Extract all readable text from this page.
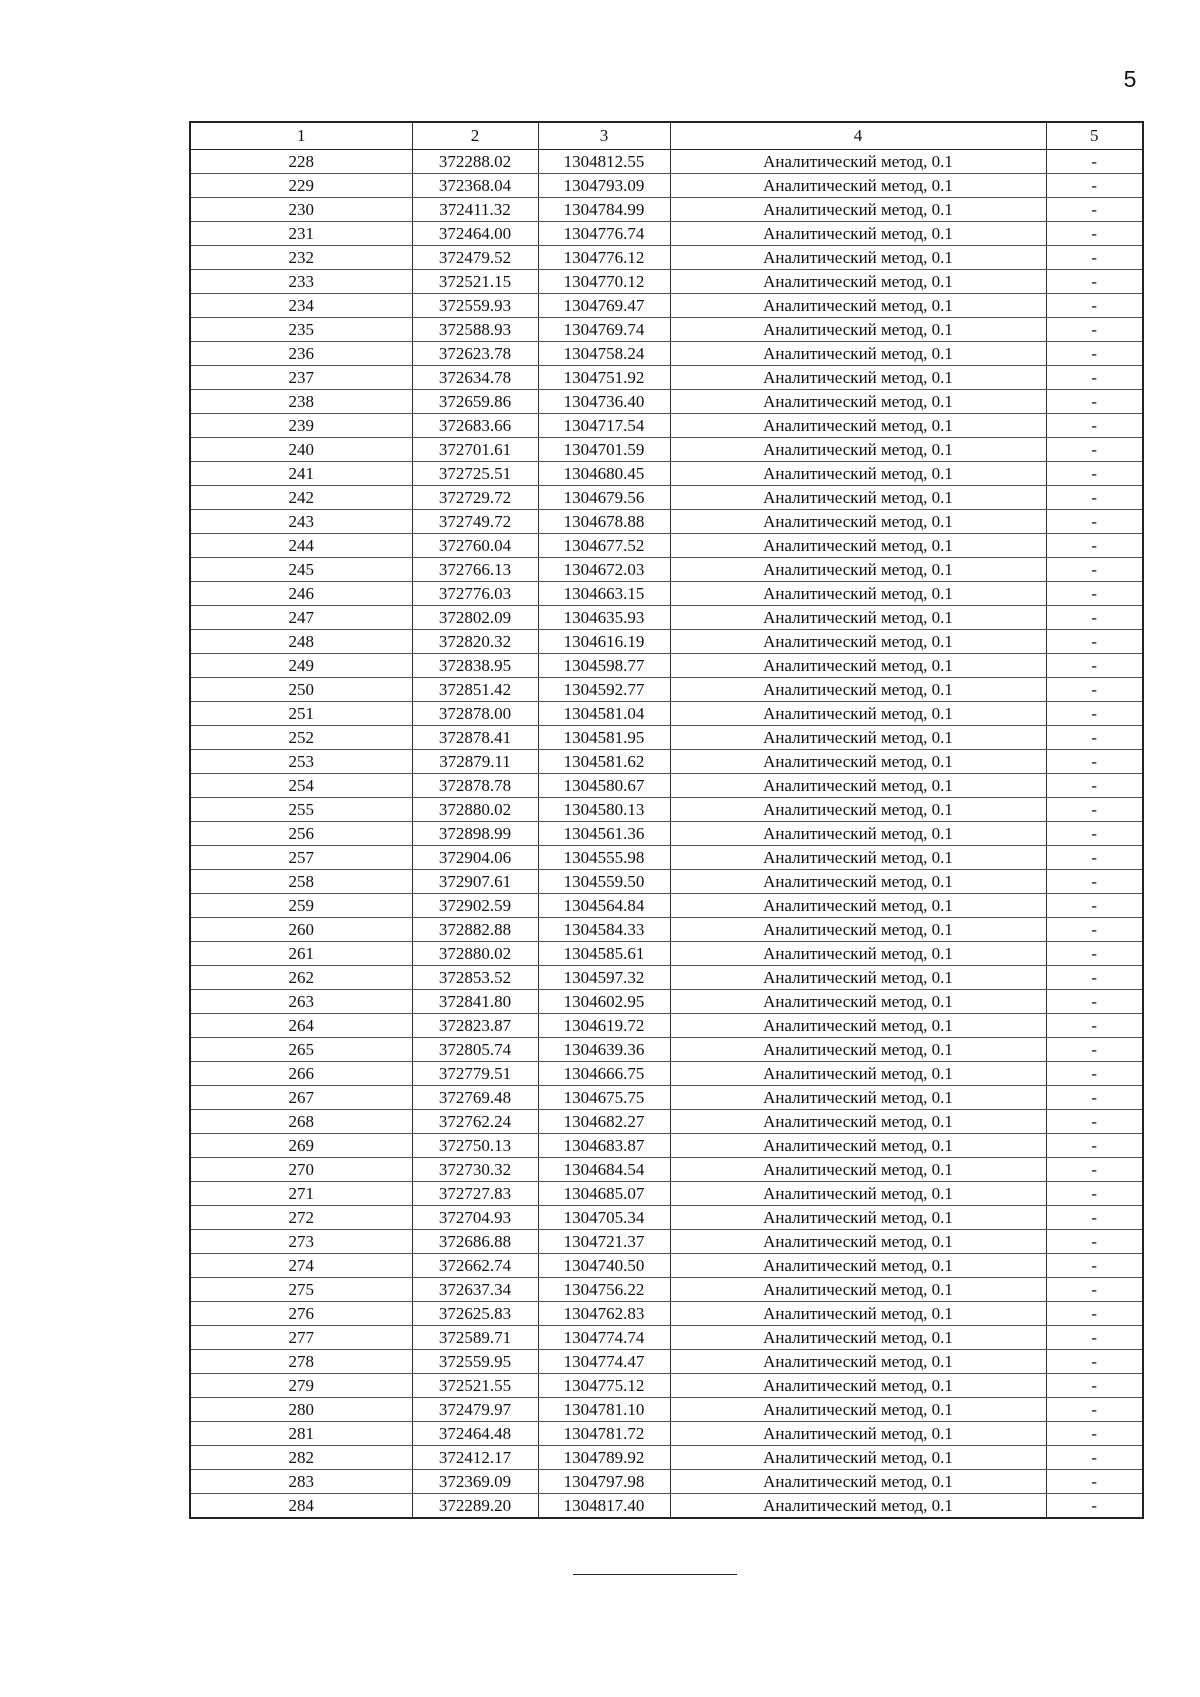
5
1	2	3	4	5
228	372288.02	1304812.55	Аналитический метод, 0.1	-
229	372368.04	1304793.09	Аналитический метод, 0.1	-
230	372411.32	1304784.99	Аналитический метод, 0.1	-
231	372464.00	1304776.74	Аналитический метод, 0.1	-
232	372479.52	1304776.12	Аналитический метод, 0.1	-
233	372521.15	1304770.12	Аналитический метод, 0.1	-
234	372559.93	1304769.47	Аналитический метод, 0.1	-
235	372588.93	1304769.74	Аналитический метод, 0.1	-
236	372623.78	1304758.24	Аналитический метод, 0.1	-
237	372634.78	1304751.92	Аналитический метод, 0.1	-
238	372659.86	1304736.40	Аналитический метод, 0.1	-
239	372683.66	1304717.54	Аналитический метод, 0.1	-
240	372701.61	1304701.59	Аналитический метод, 0.1	-
241	372725.51	1304680.45	Аналитический метод, 0.1	-
242	372729.72	1304679.56	Аналитический метод, 0.1	-
243	372749.72	1304678.88	Аналитический метод, 0.1	-
244	372760.04	1304677.52	Аналитический метод, 0.1	-
245	372766.13	1304672.03	Аналитический метод, 0.1	-
246	372776.03	1304663.15	Аналитический метод, 0.1	-
247	372802.09	1304635.93	Аналитический метод, 0.1	-
248	372820.32	1304616.19	Аналитический метод, 0.1	-
249	372838.95	1304598.77	Аналитический метод, 0.1	-
250	372851.42	1304592.77	Аналитический метод, 0.1	-
251	372878.00	1304581.04	Аналитический метод, 0.1	-
252	372878.41	1304581.95	Аналитический метод, 0.1	-
253	372879.11	1304581.62	Аналитический метод, 0.1	-
254	372878.78	1304580.67	Аналитический метод, 0.1	-
255	372880.02	1304580.13	Аналитический метод, 0.1	-
256	372898.99	1304561.36	Аналитический метод, 0.1	-
257	372904.06	1304555.98	Аналитический метод, 0.1	-
258	372907.61	1304559.50	Аналитический метод, 0.1	-
259	372902.59	1304564.84	Аналитический метод, 0.1	-
260	372882.88	1304584.33	Аналитический метод, 0.1	-
261	372880.02	1304585.61	Аналитический метод, 0.1	-
262	372853.52	1304597.32	Аналитический метод, 0.1	-
263	372841.80	1304602.95	Аналитический метод, 0.1	-
264	372823.87	1304619.72	Аналитический метод, 0.1	-
265	372805.74	1304639.36	Аналитический метод, 0.1	-
266	372779.51	1304666.75	Аналитический метод, 0.1	-
267	372769.48	1304675.75	Аналитический метод, 0.1	-
268	372762.24	1304682.27	Аналитический метод, 0.1	-
269	372750.13	1304683.87	Аналитический метод, 0.1	-
270	372730.32	1304684.54	Аналитический метод, 0.1	-
271	372727.83	1304685.07	Аналитический метод, 0.1	-
272	372704.93	1304705.34	Аналитический метод, 0.1	-
273	372686.88	1304721.37	Аналитический метод, 0.1	-
274	372662.74	1304740.50	Аналитический метод, 0.1	-
275	372637.34	1304756.22	Аналитический метод, 0.1	-
276	372625.83	1304762.83	Аналитический метод, 0.1	-
277	372589.71	1304774.74	Аналитический метод, 0.1	-
278	372559.95	1304774.47	Аналитический метод, 0.1	-
279	372521.55	1304775.12	Аналитический метод, 0.1	-
280	372479.97	1304781.10	Аналитический метод, 0.1	-
281	372464.48	1304781.72	Аналитический метод, 0.1	-
282	372412.17	1304789.92	Аналитический метод, 0.1	-
283	372369.09	1304797.98	Аналитический метод, 0.1	-
284	372289.20	1304817.40	Аналитический метод, 0.1	-
